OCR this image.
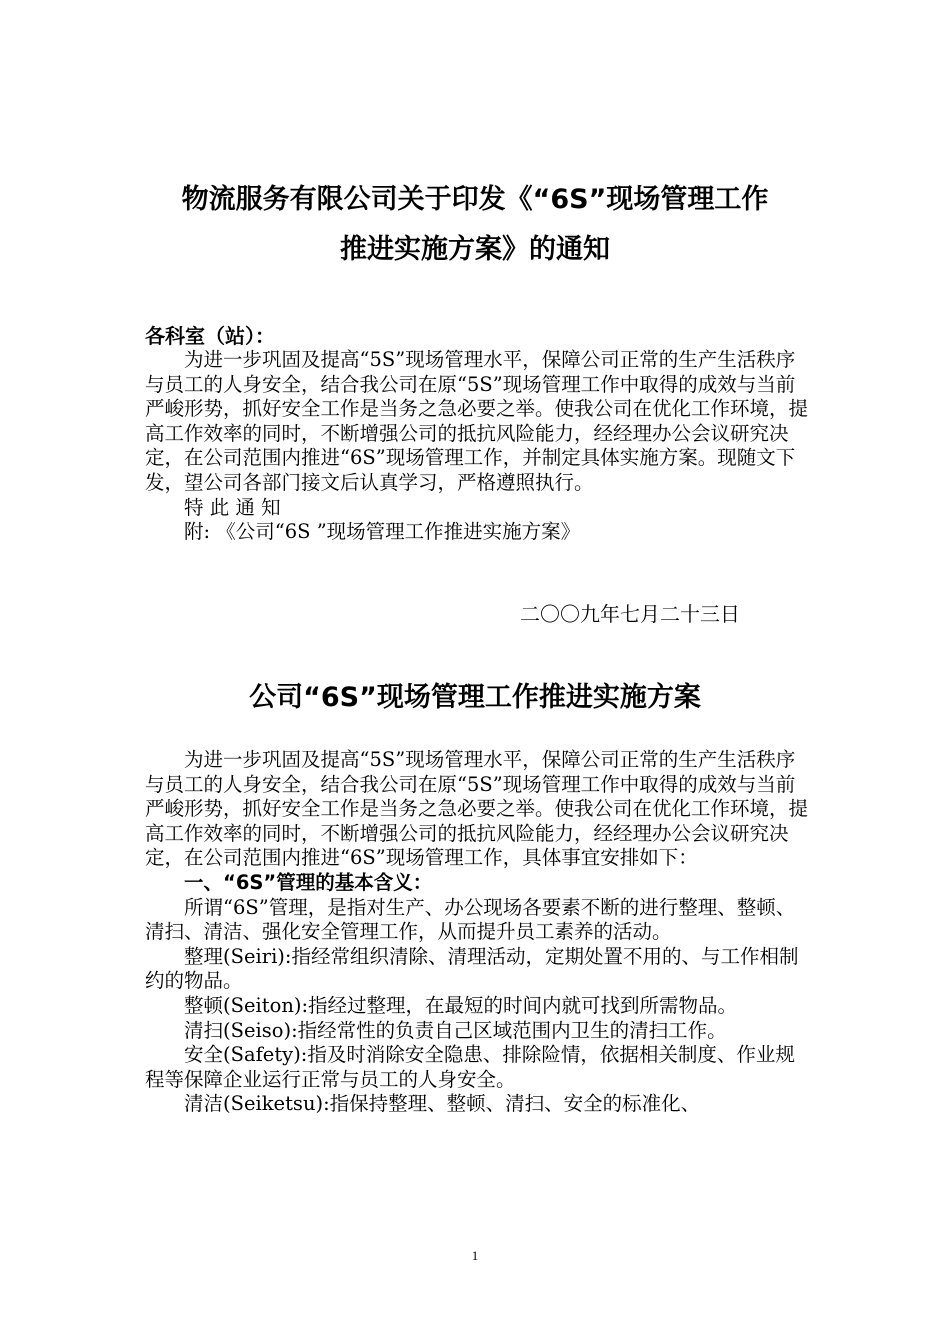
物流服务有限公司关于印发《“6S”现场管理工作
推进实施方案》的通知
各科室（站）：

为进一步巩固及提高“5S”现场管理水平，保障公司正常的生产生活秩序与员工的人身安全，结合我公司在原“5S”现场管理工作中取得的成效与当前严峻形势，抓好安全工作是当务之急必要之举。使我公司在优化工作环境，提高工作效率的同时，不断增强公司的抵抗风险能力，经经理办公会议研究决定，在公司范围内推进“6S”现场管理工作，并制定具体实施方案。现随文下发，望公司各部门接文后认真学习，严格遵照执行。

特 此 通 知

附: 《公司“6S ”现场管理工作推进实施方案》

二〇〇九年七月二十三日
公司“6S”现场管理工作推进实施方案

为进一步巩固及提高“5S”现场管理水平，保障公司正常的生产生活秩序与员工的人身安全，结合我公司在原“5S”现场管理工作中取得的成效与当前严峻形势，抓好安全工作是当务之急必要之举。使我公司在优化工作环境，提高工作效率的同时，不断增强公司的抵抗风险能力，经经理办公会议研究决定，在公司范围内推进“6S”现场管理工作，具体事宜安排如下：

一、“6S”管理的基本含义：

所谓“6S”管理，是指对生产、办公现场各要素不断的进行整理、整顿、清扫、清洁、强化安全管理工作，从而提升员工素养的活动。

整理(Seiri):指经常组织清除、清理活动，定期处置不用的、与工作相制约的物品。

整顿(Seiton):指经过整理，在最短的时间内就可找到所需物品。

清扫(Seiso):指经常性的负责自己区域范围内卫生的清扫工作。

安全(Safety):指及时消除安全隐患、排除险情，依据相关制度、作业规程等保障企业运行正常与员工的人身安全。

清洁(Seiketsu):指保持整理、整顿、清扫、安全的标准化、

1
